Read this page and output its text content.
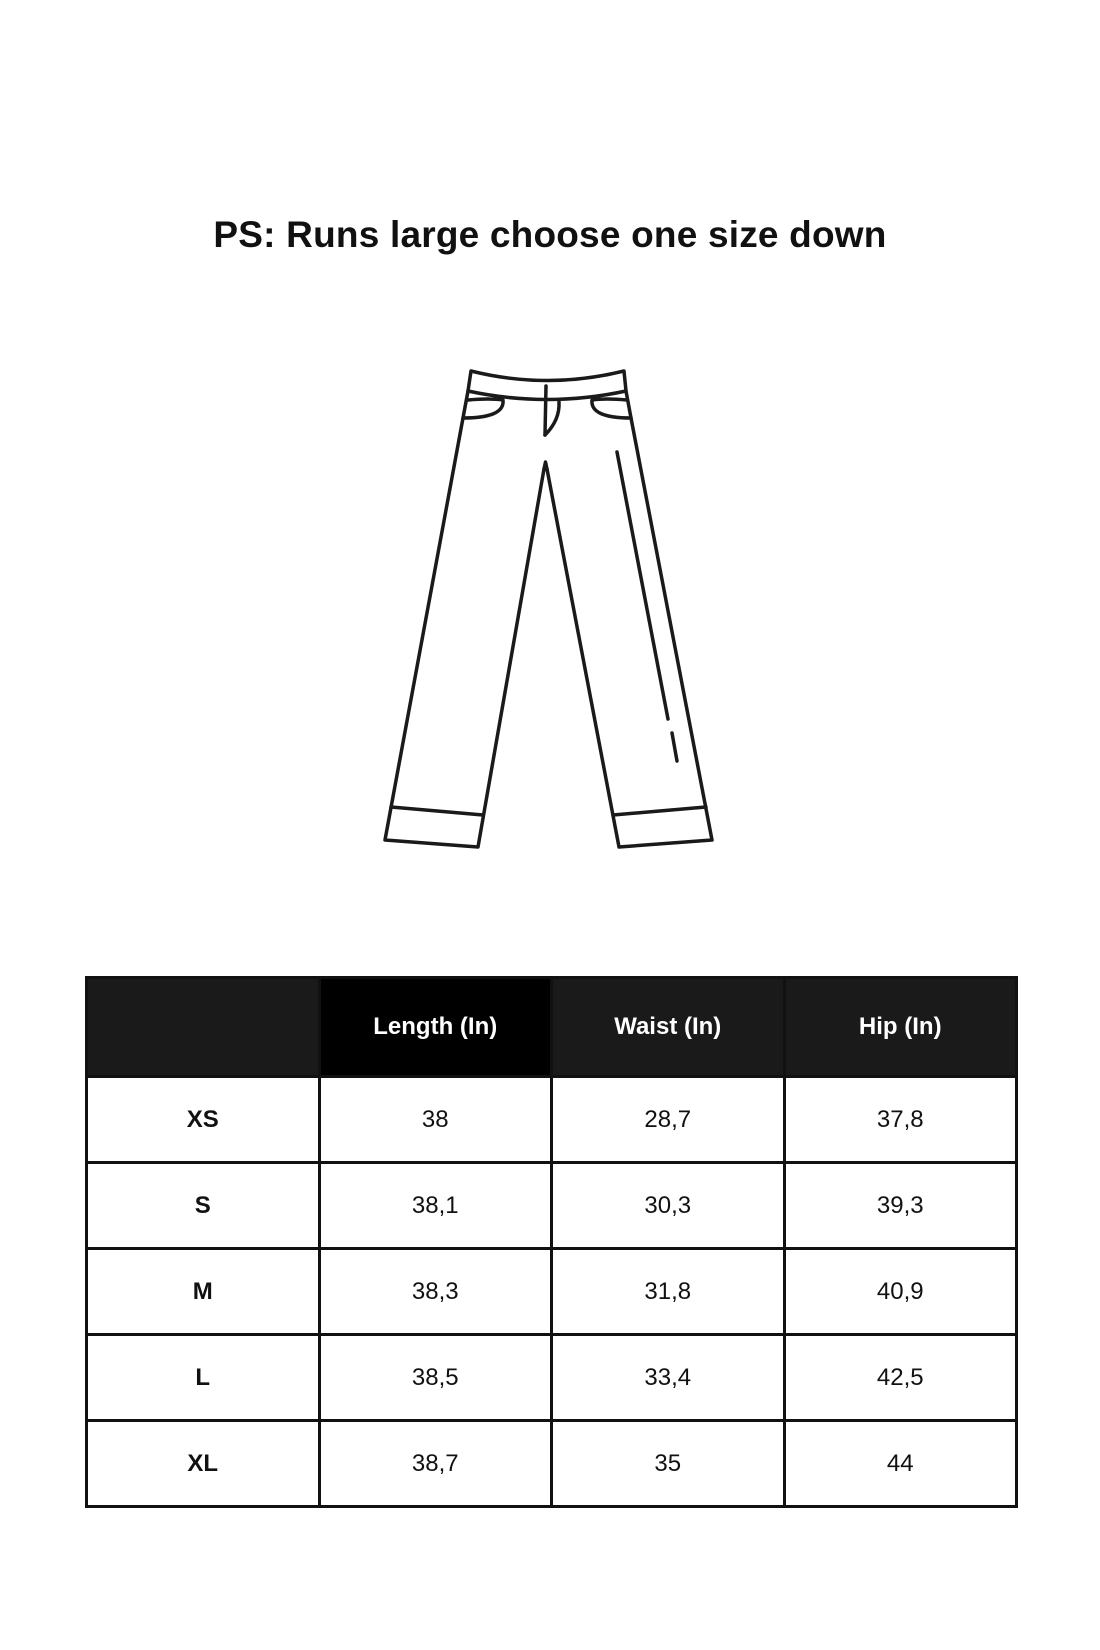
PS: Runs large choose one size down
	Length (In)	Waist (In)	Hip (In)
XS	38	28,7	37,8
S	38,1	30,3	39,3
M	38,3	31,8	40,9
L	38,5	33,4	42,5
XL	38,7	35	44
